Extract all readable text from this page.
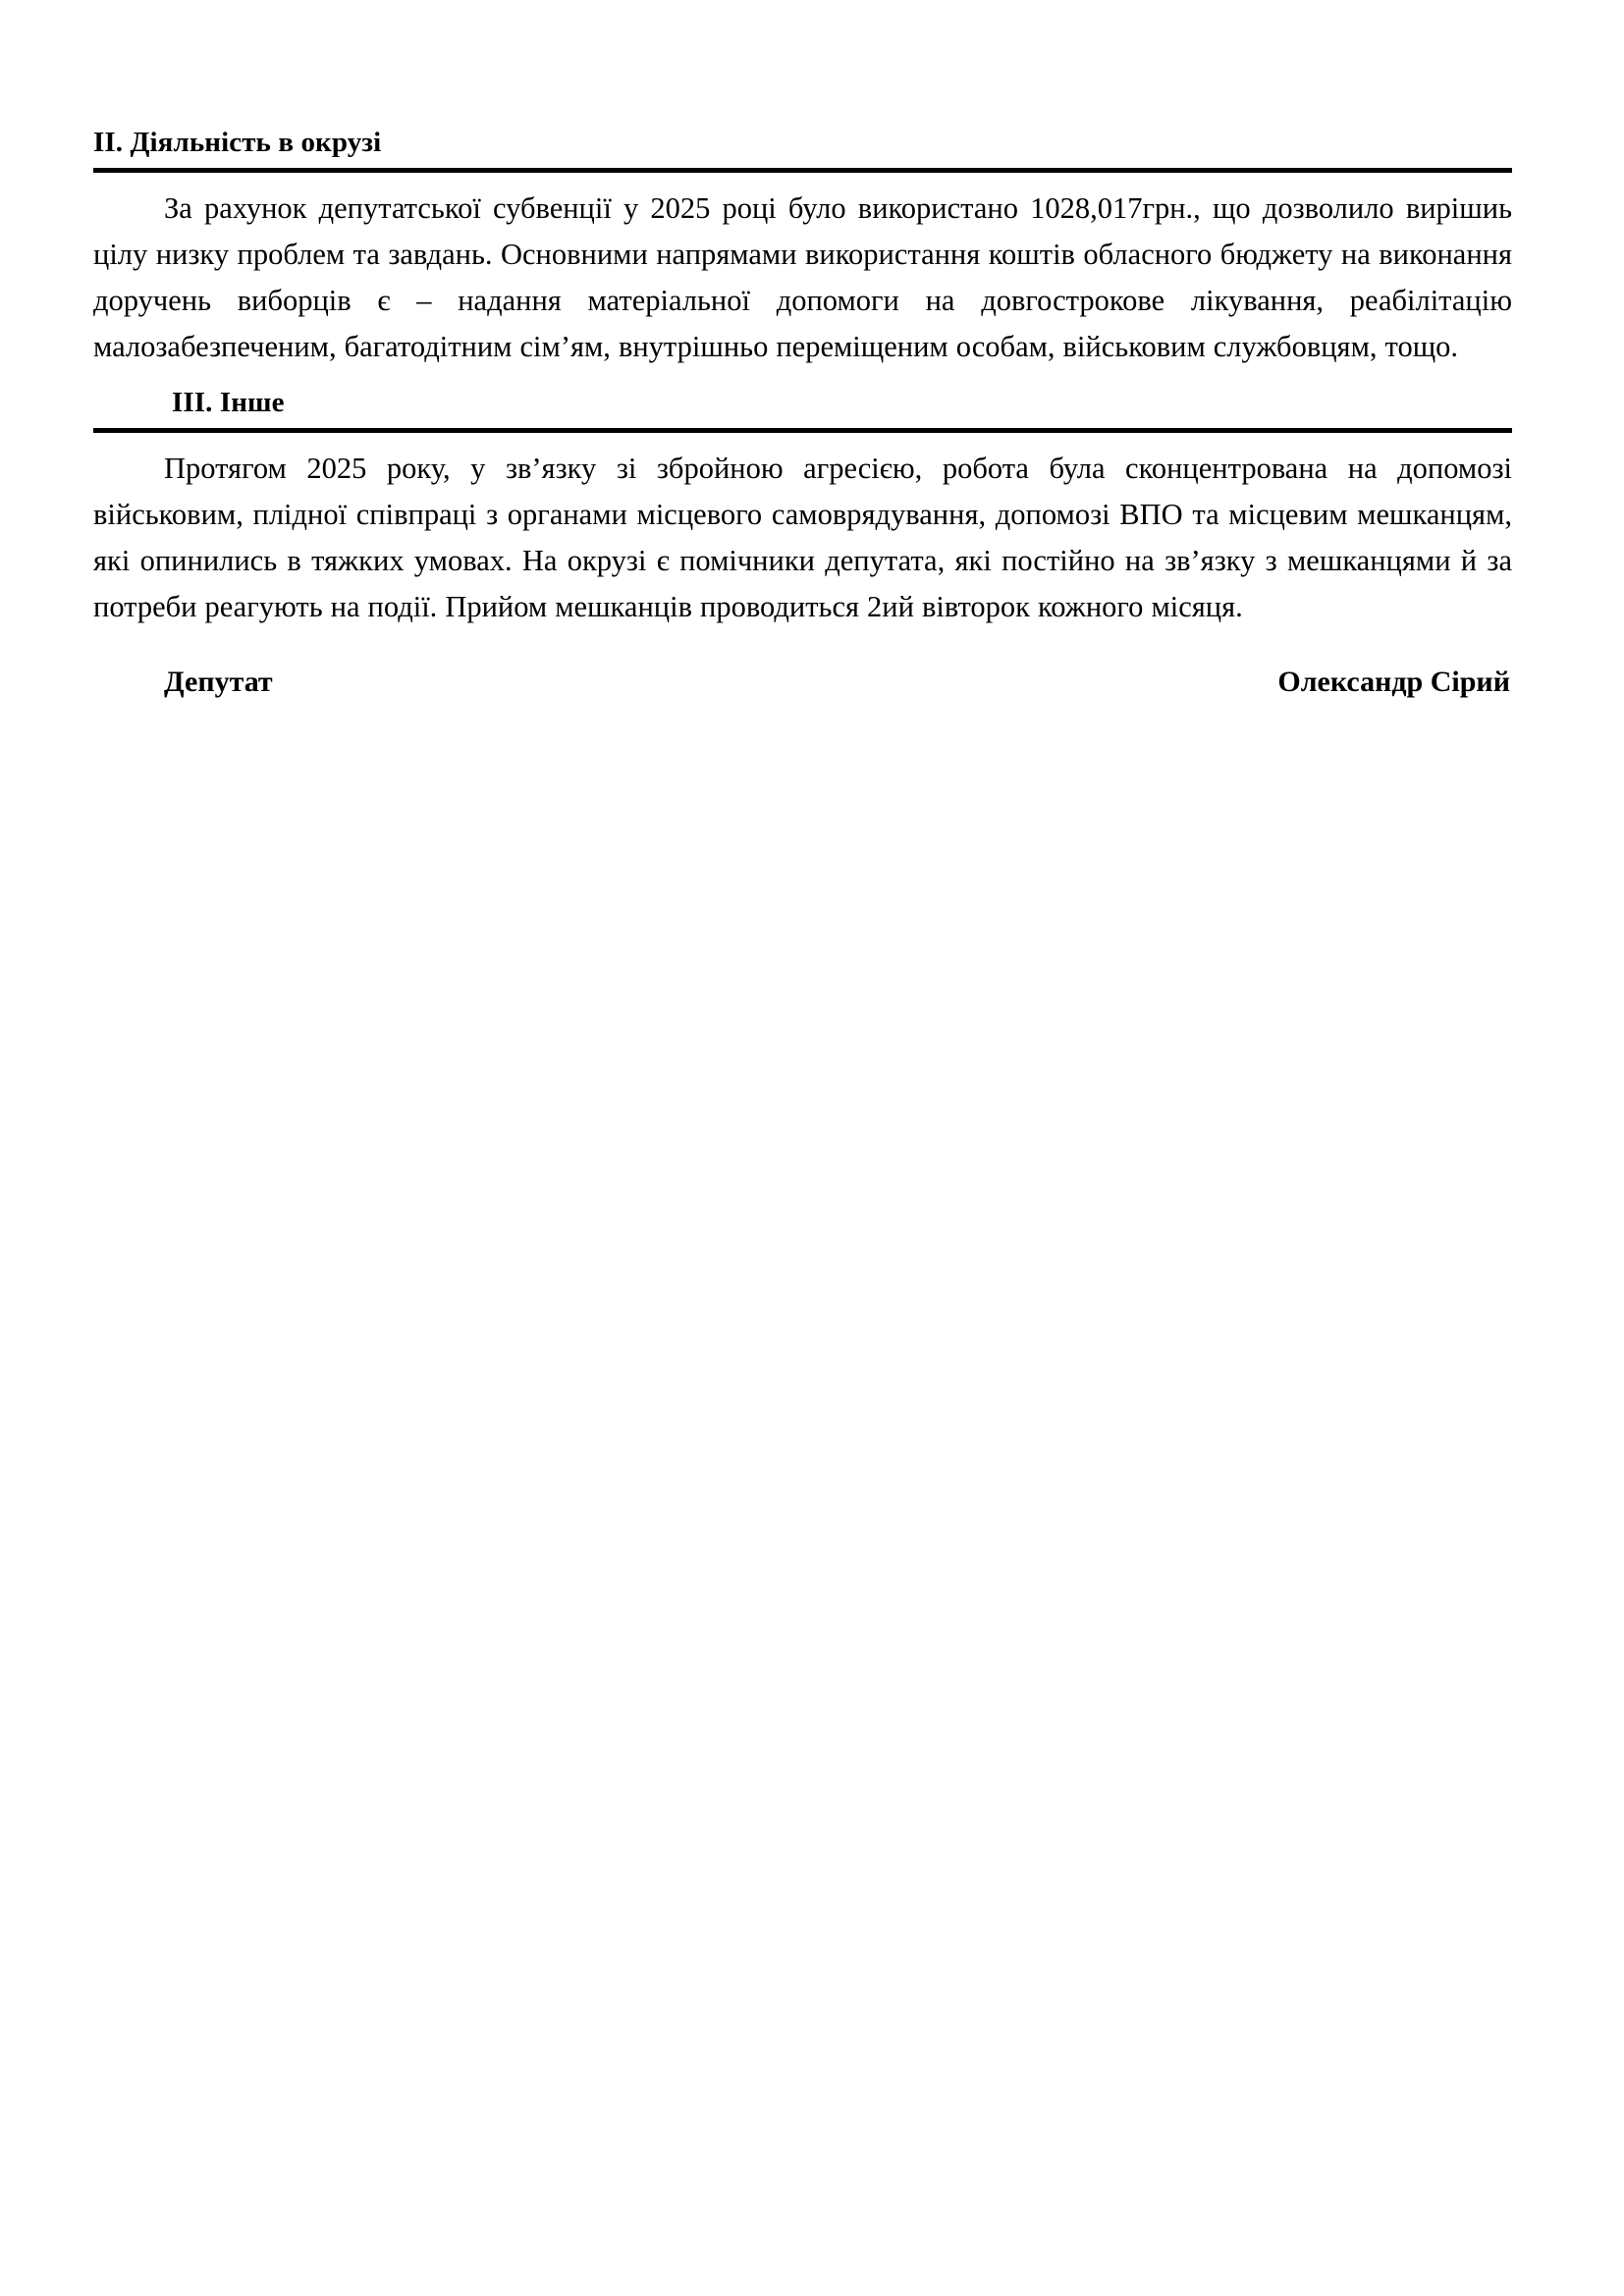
II. Діяльність в окрузі

За рахунок депутатської субвенції у 2025 році було використано 1028,017грн., що дозволило вирішиь цілу низку проблем та завдань. Основними напрямами використання коштів обласного бюджету на виконання доручень виборців є – надання матеріальної допомоги на довгострокове лікування, реабілітацію малозабезпеченим, багатодітним сім’ям, внутрішньо переміщеним особам, військовим службовцям, тощо.

III. Інше

Протягом 2025 року, у зв’язку зі збройною агресією, робота була сконцентрована на допомозі військовим, плідної співпраці з органами місцевого самоврядування, допомозі ВПО та місцевим мешканцям, які опинились в тяжких умовах. На окрузі є помічники депутата, які постійно на зв’язку з мешканцями й за потреби реагують на події. Прийом мешканців проводиться 2ий вівторок кожного місяця.

Депутат	Олександр Сірий
